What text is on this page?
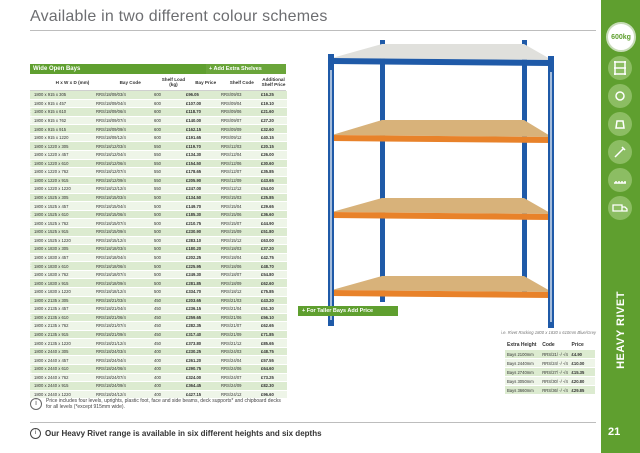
Available in two different colour schemes
600kg
HEAVY RIVET
21
Wide Open Bays
H x W x D (mm)	Bay Code	Shelf Load (kg)	Bay Price	Shelf Code	Additional Shelf Price
1800mm
1800 x 915 x 305	RRS/18/09/03/4	600	£96.05	RRS/09/03	£16.25
1800 x 915 x 457	RRS/18/09/04/4	600	£107.00	RRS/09/04	£19.10
1800 x 915 x 610	RRS/18/09/06/4	600	£118.70	RRS/09/06	£21.60
1800 x 915 x 762	RRS/18/09/07/4	600	£140.00	RRS/09/07	£27.20
1800 x 915 x 915	RRS/18/09/09/4	600	£162.15	RRS/09/09	£32.60
1800 x 915 x 1220	RRS/18/09/12/4	600	£191.65	RRS/09/12	£40.15
1800mm
1800 x 1220 x 305	RRS/18/12/03/4	550	£119.70	RRS/12/03	£20.15
1800 x 1220 x 457	RRS/18/12/04/4	550	£134.30	RRS/12/04	£26.00
1800 x 1220 x 610	RRS/18/12/06/4	550	£154.50	RRS/12/06	£30.60
1800 x 1220 x 762	RRS/18/12/07/4	550	£178.65	RRS/12/07	£35.85
1800 x 1220 x 915	RRS/18/12/09/4	550	£205.90	RRS/12/09	£43.65
1800 x 1220 x 1220	RRS/18/12/12/4	550	£247.00	RRS/12/12	£54.00
1800mm
1800 x 1525 x 305	RRS/18/15/03/4	500	£134.50	RRS/15/03	£25.85
1800 x 1525 x 457	RRS/18/15/04/4	500	£149.70	RRS/15/04	£29.65
1800 x 1525 x 610	RRS/18/15/06/4	500	£185.30	RRS/15/06	£36.60
1800 x 1525 x 762	RRS/18/15/07/4	500	£210.75	RRS/15/07	£44.90
1800 x 1525 x 915	RRS/18/15/09/4	500	£230.90	RRS/15/09	£51.80
1800 x 1525 x 1220	RRS/18/15/12/4	500	£283.10	RRS/15/12	£63.00
1800mm
1800 x 1830 x 305	RRS/18/18/03/4	500	£180.20	RRS/18/03	£37.20
1800 x 1830 x 457	RRS/18/18/04/4	500	£202.25	RRS/18/04	£42.75
1800 x 1830 x 610	RRS/18/18/06/4	500	£225.95	RRS/18/06	£48.70
1800 x 1830 x 762	RRS/18/18/07/4	500	£249.30	RRS/18/07	£54.80
1800 x 1830 x 915	RRS/18/18/09/4	500	£281.85	RRS/18/09	£62.60
1800 x 1830 x 1220	RRS/18/18/12/4	500	£334.70	RRS/18/12	£75.85
1800mm
1800 x 2135 x 305	RRS/18/21/03/4	450	£203.65	RRS/21/03	£43.20
1800 x 2135 x 457	RRS/18/21/04/4	450	£236.15	RRS/21/04	£51.30
1800 x 2135 x 610	RRS/18/21/06/4	450	£259.65	RRS/21/06	£56.10
1800 x 2135 x 762	RRS/18/21/07/4	450	£282.35	RRS/21/07	£62.65
1800 x 2135 x 915	RRS/18/21/09/4	450	£317.40	RRS/21/09	£71.85
1800 x 2135 x 1220	RRS/18/21/12/4	450	£373.80	RRS/21/12	£85.65
1800mm
1800 x 2440 x 305	RRS/18/24/03/4	400	£230.25	RRS/24/03	£48.75
1800 x 2440 x 457	RRS/18/24/04/4	400	£261.20	RRS/24/04	£57.55
1800 x 2440 x 610	RRS/18/24/06/4	400	£290.75	RRS/24/06	£64.60
1800 x 2440 x 762	RRS/18/24/07/4	400	£324.00	RRS/24/07	£73.25
1800 x 2440 x 915	RRS/18/24/09/4	400	£364.45	RRS/24/09	£82.30
1800 x 2440 x 1220	RRS/18/24/12/4	400	£427.15	RRS/24/12	£96.60
+ Add Extra Shelves
i	Price includes four levels, uprights, plastic foot, face and side beams, deck supports* and chipboard decks for all levels (*except 915mm wide).
+ For Taller Bays Add Price
i.e. Rivet Racking 1800 x 1830 x 610mm Blue/Grey
Extra Height	Code	Price
Bays 2100mm	RRS/21/ -/ -/4 £4.90
Bays 2440mm	RRS/24/ -/ -/4 £10.00
Bays 2740mm	RRS/27/ -/ -/4 £15.35
Bays 3050mm	RRS/30/ -/ -/4 £20.80
Bays 3660mm	RRS/36/ -/ -/4 £29.85
i	Our Heavy Rivet range is available in six different heights and six depths
